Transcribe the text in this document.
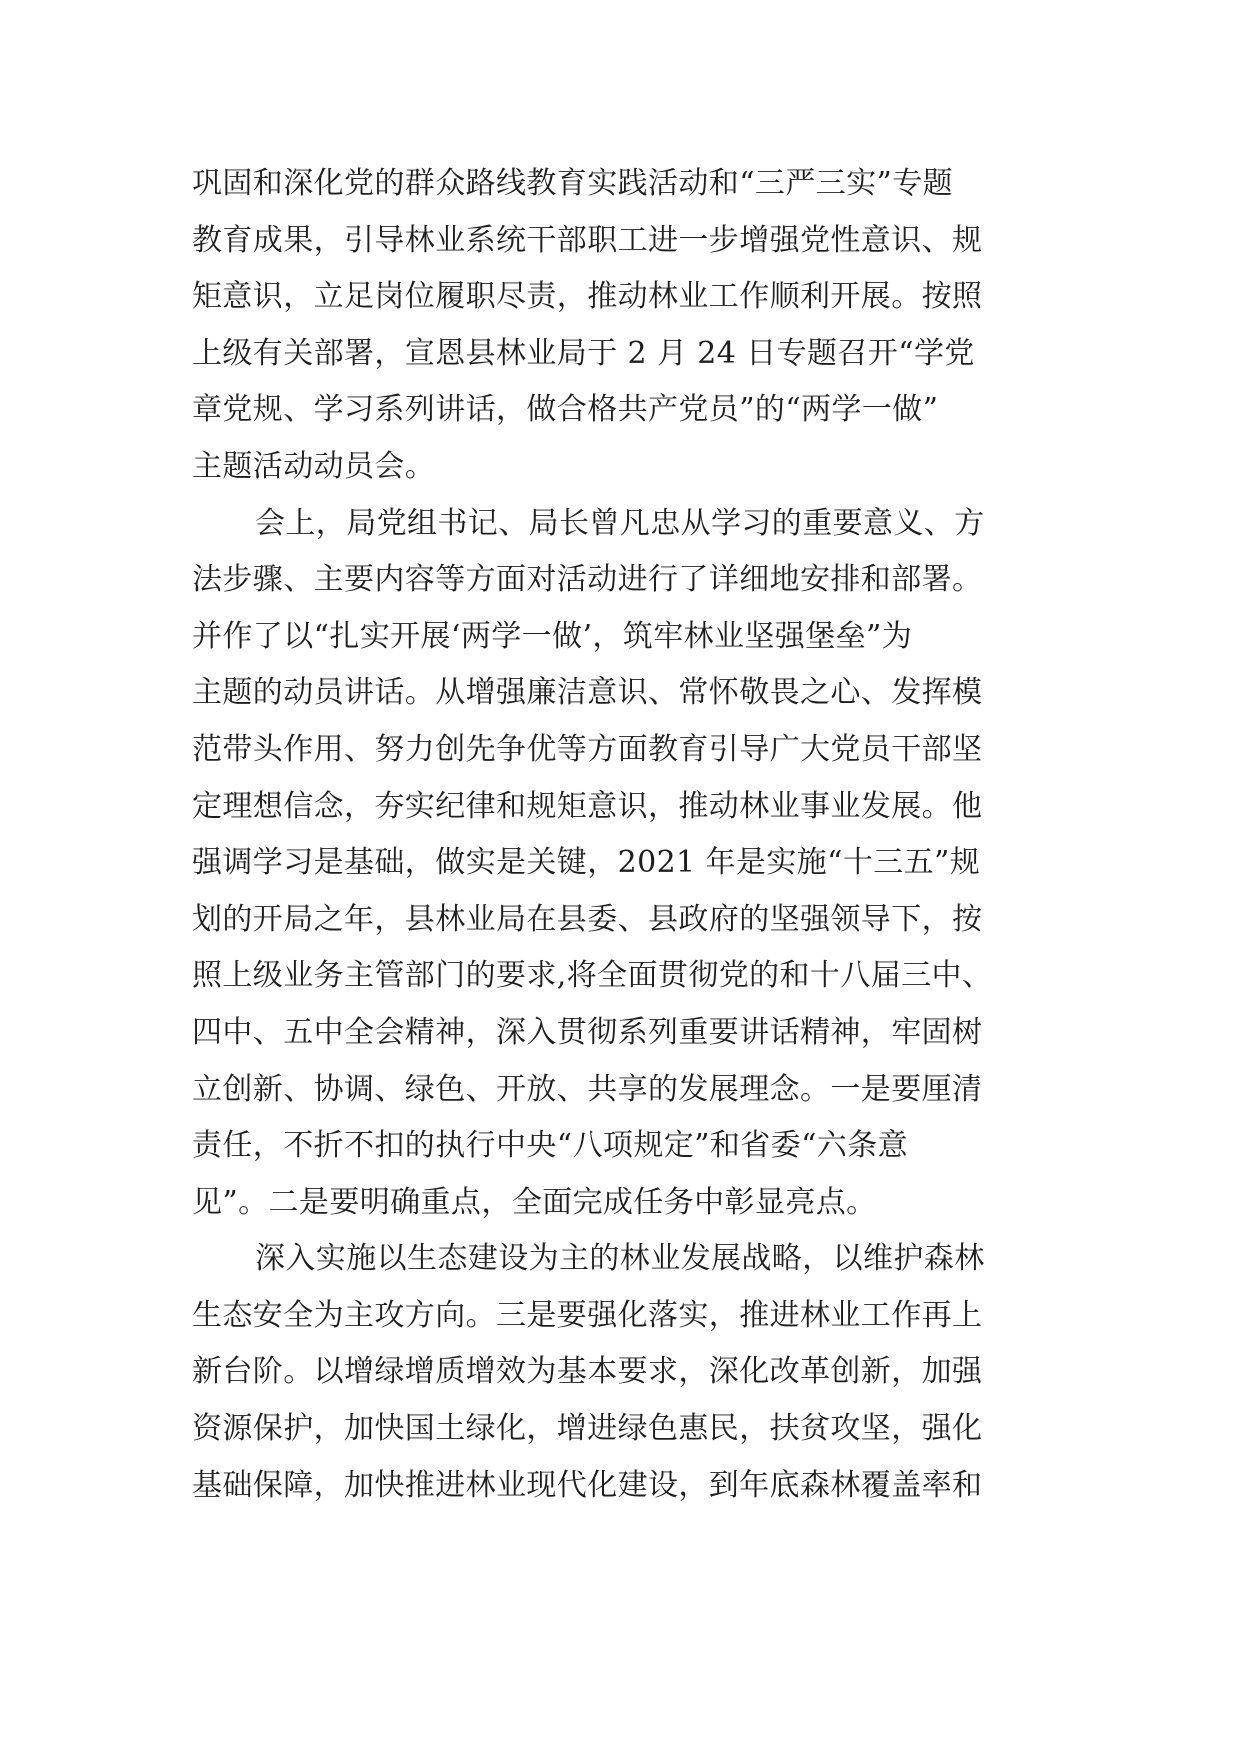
巩固和深化党的群众路线教育实践活动和“三严三实”专题
教育成果，引导林业系统干部职工进一步增强党性意识、规
矩意识，立足岗位履职尽责，推动林业工作顺利开展。按照
上级有关部署，宣恩县林业局于 2 月 24 日专题召开“学党
章党规、学习系列讲话，做合格共产党员”的“两学一做”
主题活动动员会。
会上，局党组书记、局长曾凡忠从学习的重要意义、方
法步骤、主要内容等方面对活动进行了详细地安排和部署。
并作了以“扎实开展‘两学一做’，筑牢林业坚强堡垒”为
主题的动员讲话。从增强廉洁意识、常怀敬畏之心、发挥模
范带头作用、努力创先争优等方面教育引导广大党员干部坚
定理想信念，夯实纪律和规矩意识，推动林业事业发展。他
强调学习是基础，做实是关键，2021 年是实施“十三五”规
划的开局之年，县林业局在县委、县政府的坚强领导下，按
照上级业务主管部门的要求,将全面贯彻党的和十八届三中、
四中、五中全会精神，深入贯彻系列重要讲话精神，牢固树
立创新、协调、绿色、开放、共享的发展理念。一是要厘清
责任，不折不扣的执行中央“八项规定”和省委“六条意
见”。二是要明确重点，全面完成任务中彰显亮点。
深入实施以生态建设为主的林业发展战略，以维护森林
生态安全为主攻方向。三是要强化落实，推进林业工作再上
新台阶。以增绿增质增效为基本要求，深化改革创新，加强
资源保护，加快国土绿化，增进绿色惠民，扶贫攻坚，强化
基础保障，加快推进林业现代化建设，到年底森林覆盖率和
